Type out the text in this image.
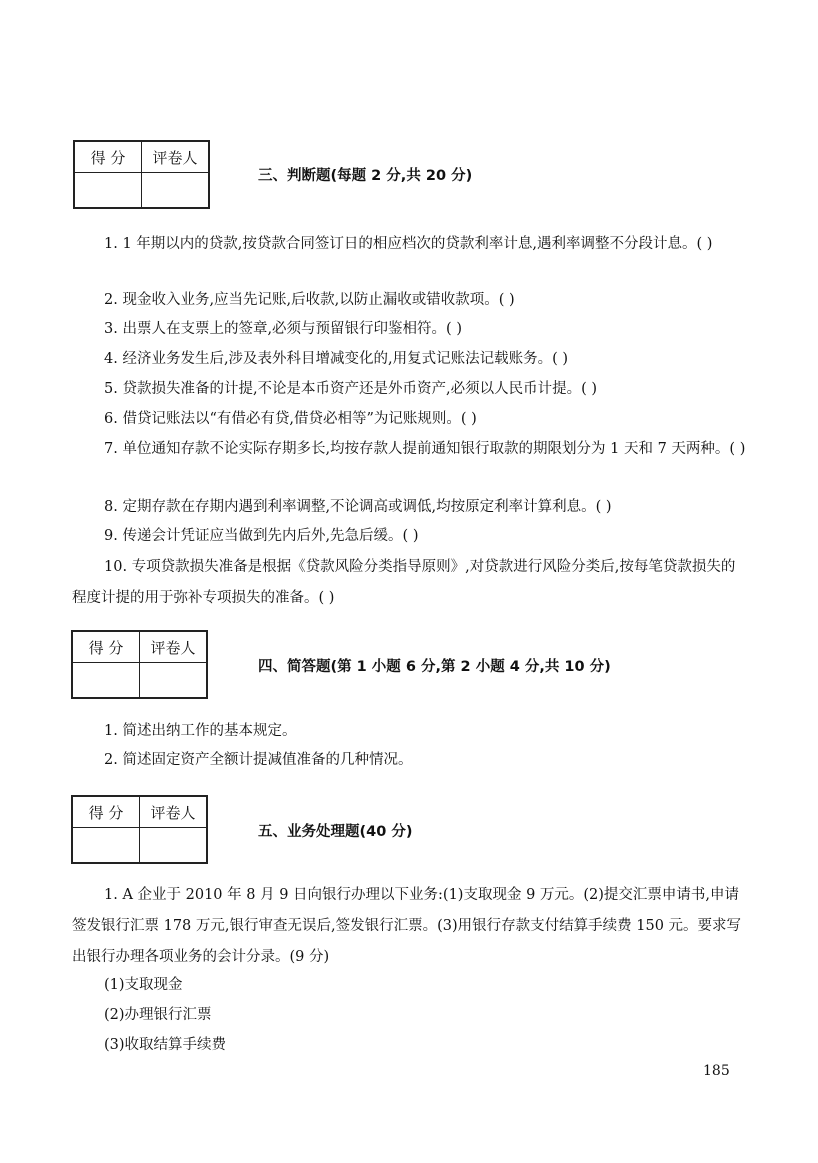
得 分	评卷人

三、判断题(每题 2 分,共 20 分)
1. 1 年期以内的贷款,按贷款合同签订日的相应档次的贷款利率计息,遇利率调整不分段计息。( )
2. 现金收入业务,应当先记账,后收款,以防止漏收或错收款项。( )
3. 出票人在支票上的签章,必须与预留银行印鉴相符。( )
4. 经济业务发生后,涉及表外科目增减变化的,用复式记账法记载账务。( )
5. 贷款损失准备的计提,不论是本币资产还是外币资产,必须以人民币计提。( )
6. 借贷记账法以“有借必有贷,借贷必相等”为记账规则。( )
7. 单位通知存款不论实际存期多长,均按存款人提前通知银行取款的期限划分为 1 天和 7 天两种。( )
8. 定期存款在存期内遇到利率调整,不论调高或调低,均按原定利率计算利息。( )
9. 传递会计凭证应当做到先内后外,先急后缓。( )
10. 专项贷款损失准备是根据《贷款风险分类指导原则》,对贷款进行风险分类后,按每笔贷款损失的程度计提的用于弥补专项损失的准备。( )
得 分	评卷人

四、简答题(第 1 小题 6 分,第 2 小题 4 分,共 10 分)
1. 简述出纳工作的基本规定。
2. 简述固定资产全额计提减值准备的几种情况。
得 分	评卷人

五、业务处理题(40 分)
1. A 企业于 2010 年 8 月 9 日向银行办理以下业务:(1)支取现金 9 万元。(2)提交汇票申请书,申请签发银行汇票 178 万元,银行审查无误后,签发银行汇票。(3)用银行存款支付结算手续费 150 元。要求写出银行办理各项业务的会计分录。(9 分)
(1)支取现金
(2)办理银行汇票
(3)收取结算手续费
185
